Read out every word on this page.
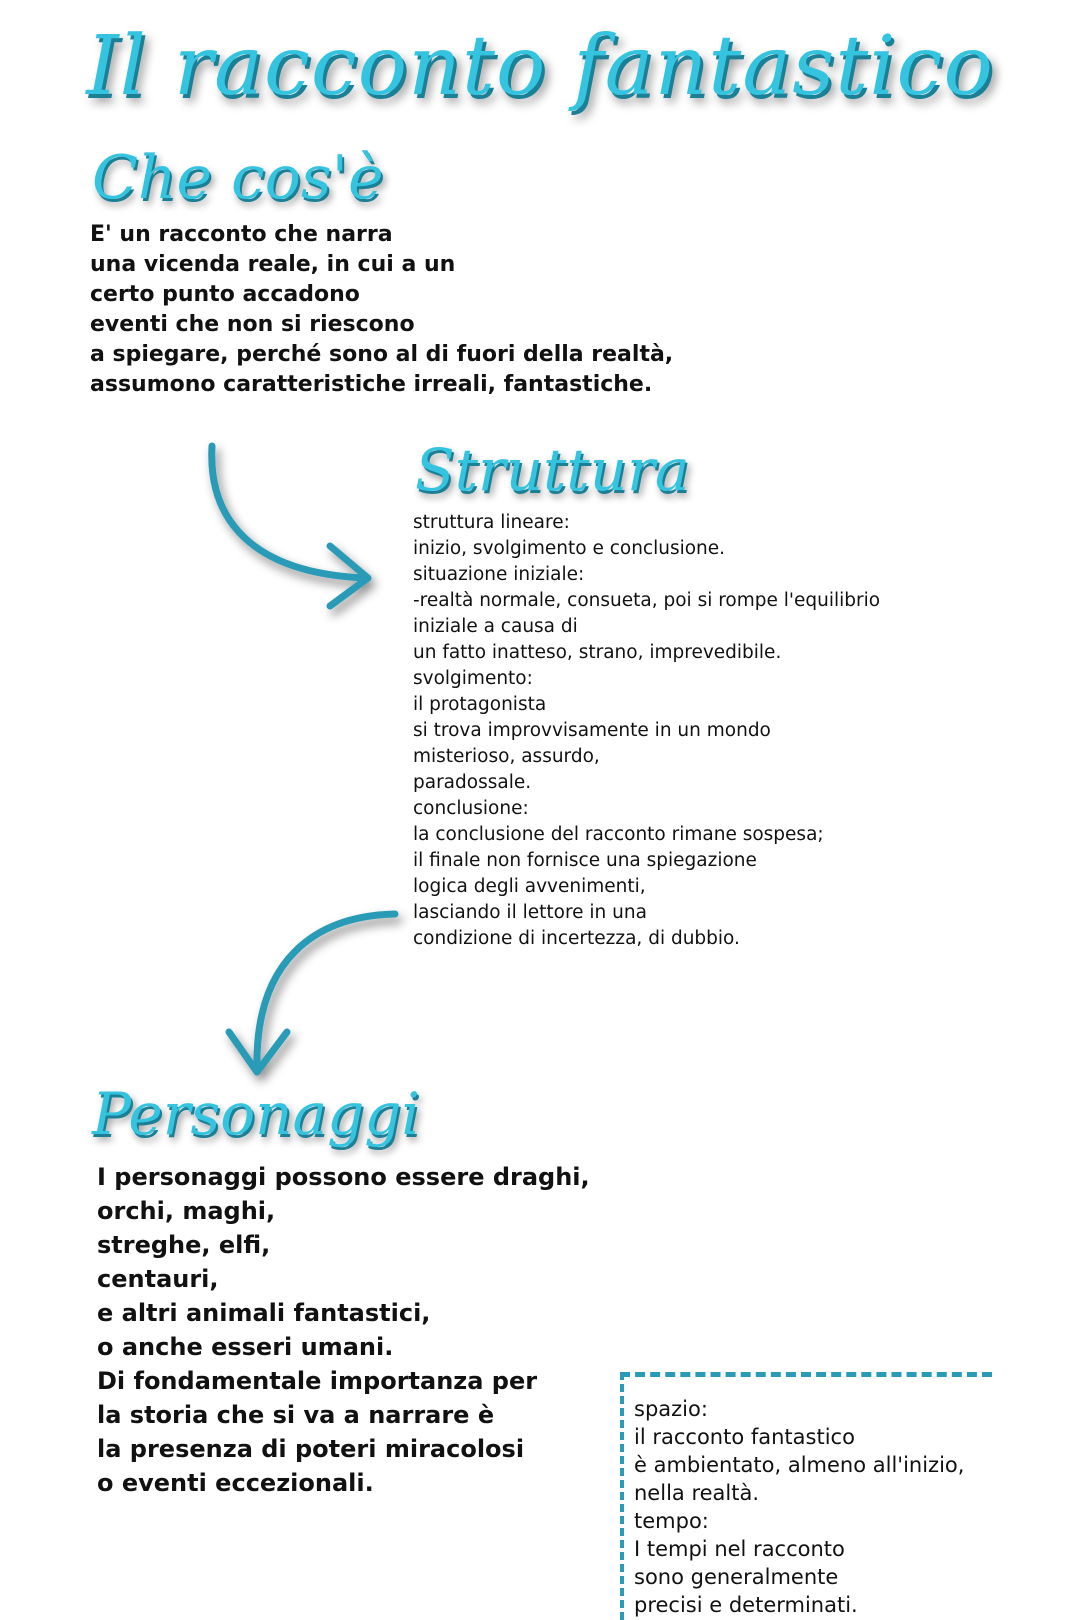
Il racconto fantastico
Che cos'è
E' un racconto che narra
una vicenda reale, in cui a un
certo punto accadono
eventi che non si riescono
a spiegare, perché sono al di fuori della realtà,
assumono caratteristiche irreali, fantastiche.
Struttura
struttura lineare:
inizio, svolgimento e conclusione.
situazione iniziale:
-realtà normale, consueta, poi si rompe l'equilibrio
iniziale a causa di
un fatto inatteso, strano, imprevedibile.
svolgimento:
il protagonista
si trova improvvisamente in un mondo
misterioso, assurdo,
paradossale.
conclusione:
la conclusione del racconto rimane sospesa;
il finale non fornisce una spiegazione
logica degli avvenimenti,
lasciando il lettore in una
condizione di incertezza, di dubbio.
Personaggi
I personaggi possono essere draghi,
orchi, maghi,
streghe, elfi,
centauri,
e altri animali fantastici,
o anche esseri umani.
Di fondamentale importanza per
la storia che si va a narrare è
la presenza di poteri miracolosi
o eventi eccezionali.
spazio:
il racconto fantastico
è ambientato, almeno all'inizio,
nella realtà.
tempo:
I tempi nel racconto
sono generalmente
precisi e determinati.
